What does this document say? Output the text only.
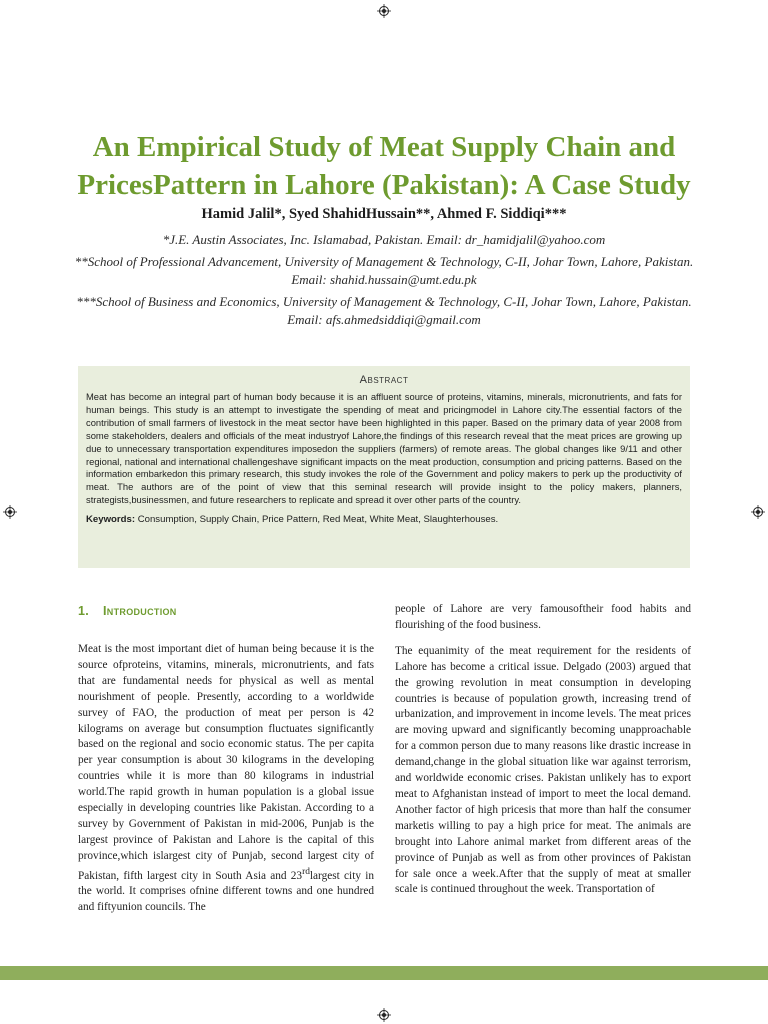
An Empirical Study of Meat Supply Chain and PricesPattern in Lahore (Pakistan): A Case Study

Hamid Jalil*, Syed ShahidHussain**, Ahmed F. Siddiqi***

*J.E. Austin Associates, Inc. Islamabad, Pakistan. Email: dr_hamidjalil@yahoo.com

**School of Professional Advancement, University of Management & Technology, C-II, Johar Town, Lahore, Pakistan. Email: shahid.hussain@umt.edu.pk

***School of Business and Economics, University of Management & Technology, C-II, Johar Town, Lahore, Pakistan. Email: afs.ahmedsiddiqi@gmail.com

Abstract

Meat has become an integral part of human body because it is an affluent source of proteins, vitamins, minerals, micronutrients, and fats for human beings. This study is an attempt to investigate the spending of meat and pricingmodel in Lahore city.The essential factors of the contribution of small farmers of livestock in the meat sector have been highlighted in this paper. Based on the primary data of year 2008 from some stakeholders, dealers and officials of the meat industryof Lahore,the findings of this research reveal that the meat prices are growing up due to unnecessary transportation expenditures imposedon the suppliers (farmers) of remote areas. The global changes like 9/11 and other regional, national and international challengeshave significant impacts on the meat production, consumption and pricing patterns. Based on the information embarkedon this primary research, this study invokes the role of the Government and policy makers to perk up the productivity of meat. The authors are of the point of view that this seminal research will provide insight to the policy makers, planners, strategists,businessmen, and future researchers to replicate and spread it over other parts of the country.

Keywords: Consumption, Supply Chain, Price Pattern, Red Meat, White Meat, Slaughterhouses.

1. Introduction

Meat is the most important diet of human being because it is the source ofproteins, vitamins, minerals, micronutrients, and fats that are fundamental needs for physical as well as mental nourishment of people. Presently, according to a worldwide survey of FAO, the production of meat per person is 42 kilograms on average but consumption fluctuates significantly based on the regional and socio economic status. The per capita per year consumption is about 30 kilograms in the developing countries while it is more than 80 kilograms in industrial world.The rapid growth in human population is a global issue especially in developing countries like Pakistan. According to a survey by Government of Pakistan in mid-2006, Punjab is the largest province of Pakistan and Lahore is the capital of this province,which islargest city of Punjab, second largest city of Pakistan, fifth largest city in South Asia and 23rdlargest city in the world. It comprises ofnine different towns and one hundred and fiftyunion councils. The

people of Lahore are very famousoftheir food habits and flourishing of the food business.

The equanimity of the meat requirement for the residents of Lahore has become a critical issue. Delgado (2003) argued that the growing revolution in meat consumption in developing countries is because of population growth, increasing trend of urbanization, and improvement in income levels. The meat prices are moving upward and significantly becoming unapproachable for a common person due to many reasons like drastic increase in demand,change in the global situation like war against terrorism, and worldwide economic crises. Pakistan unlikely has to export meat to Afghanistan instead of import to meet the local demand. Another factor of high pricesis that more than half the consumer marketis willing to pay a high price for meat. The animals are brought into Lahore animal market from different areas of the province of Punjab as well as from other provinces of Pakistan for sale once a week.After that the supply of meat at smaller scale is continued throughout the week. Transportation of
